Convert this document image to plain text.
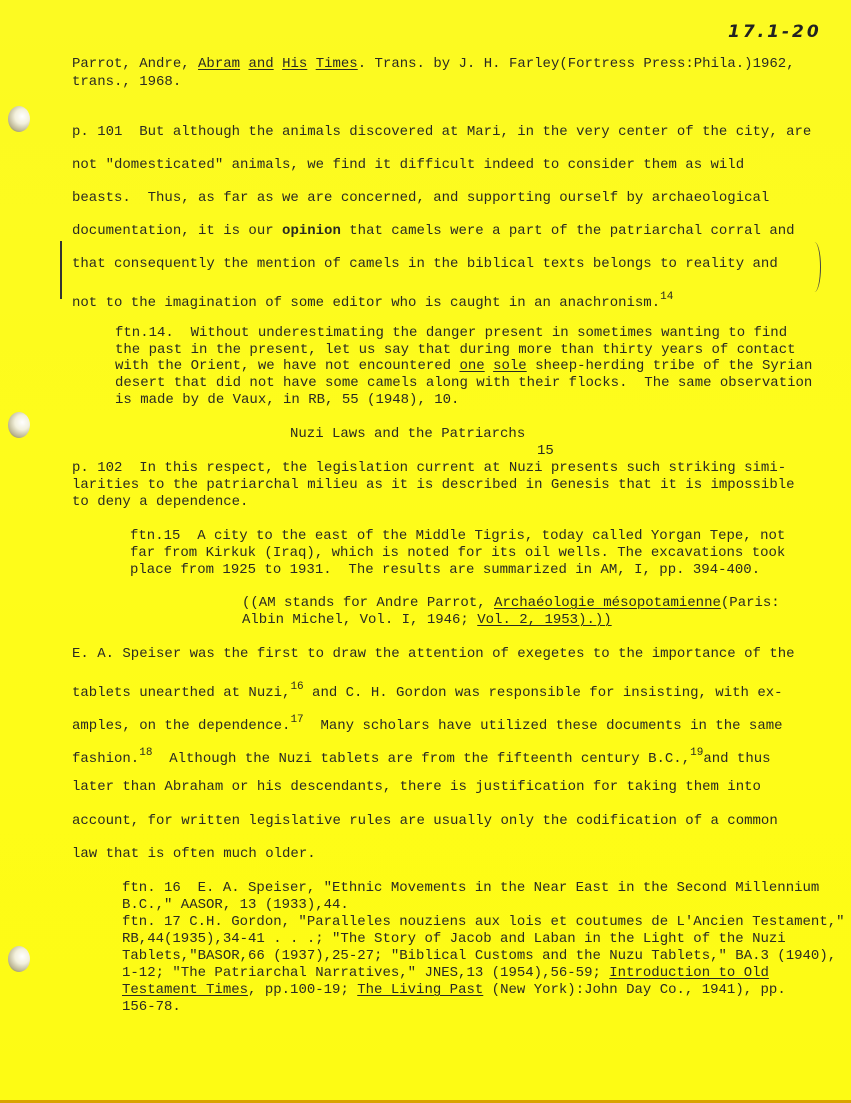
17.1-20
Parrot, Andre, Abram and His Times. Trans. by J. H. Farley(Fortress Press:Phila.)1962,
trans., 1968.
p. 101  But although the animals discovered at Mari, in the very center of the city, are
not "domesticated" animals, we find it difficult indeed to consider them as wild
beasts.  Thus, as far as we are concerned, and supporting ourself by archaeological
documentation, it is our opinion that camels were a part of the patriarchal corral and
that consequently the mention of camels in the biblical texts belongs to reality and
not to the imagination of some editor who is caught in an anachronism.$^{14}$
ftn.14.  Without underestimating the danger present in sometimes wanting to find
the past in the present, let us say that during more than thirty years of contact
with the Orient, we have not encountered one sole sheep-herding tribe of the Syrian
desert that did not have some camels along with their flocks.  The same observation
is made by de Vaux, in RB, 55 (1948), 10.
Nuzi Laws and the Patriarchs
15
p. 102  In this respect, the legislation current at Nuzi presents such striking simi-
larities to the patriarchal milieu as it is described in Genesis that it is impossible
to deny a dependence.
ftn.15  A city to the east of the Middle Tigris, today called Yorgan Tepe, not
far from Kirkuk (Iraq), which is noted for its oil wells. The excavations took
place from 1925 to 1931.  The results are summarized in AM, I, pp. 394-400.
((AM stands for Andre Parrot, Archaéologie mésopotamienne(Paris:
Albin Michel, Vol. I, 1946; Vol. 2, 1953).))
E. A. Speiser was the first to draw the attention of exegetes to the importance of the
tablets unearthed at Nuzi,$^{16}$ and C. H. Gordon was responsible for insisting, with ex-
amples, on the dependence.$^{17}$  Many scholars have utilized these documents in the same
fashion.$^{18}$  Although the Nuzi tablets are from the fifteenth century B.C.,$^{19}$and thus
later than Abraham or his descendants, there is justification for taking them into
account, for written legislative rules are usually only the codification of a common
law that is often much older.
ftn. 16  E. A. Speiser, "Ethnic Movements in the Near East in the Second Millennium
B.C.," AASOR, 13 (1933),44.
ftn. 17 C.H. Gordon, "Paralleles nouziens aux lois et coutumes de L'Ancien Testament,"
RB,44(1935),34-41 . . .; "The Story of Jacob and Laban in the Light of the Nuzi
Tablets,"BASOR,66 (1937),25-27; "Biblical Customs and the Nuzu Tablets," BA.3 (1940),
1-12; "The Patriarchal Narratives," JNES,13 (1954),56-59; Introduction to Old
Testament Times, pp.100-19; The Living Past (New York):John Day Co., 1941), pp.
156-78.
